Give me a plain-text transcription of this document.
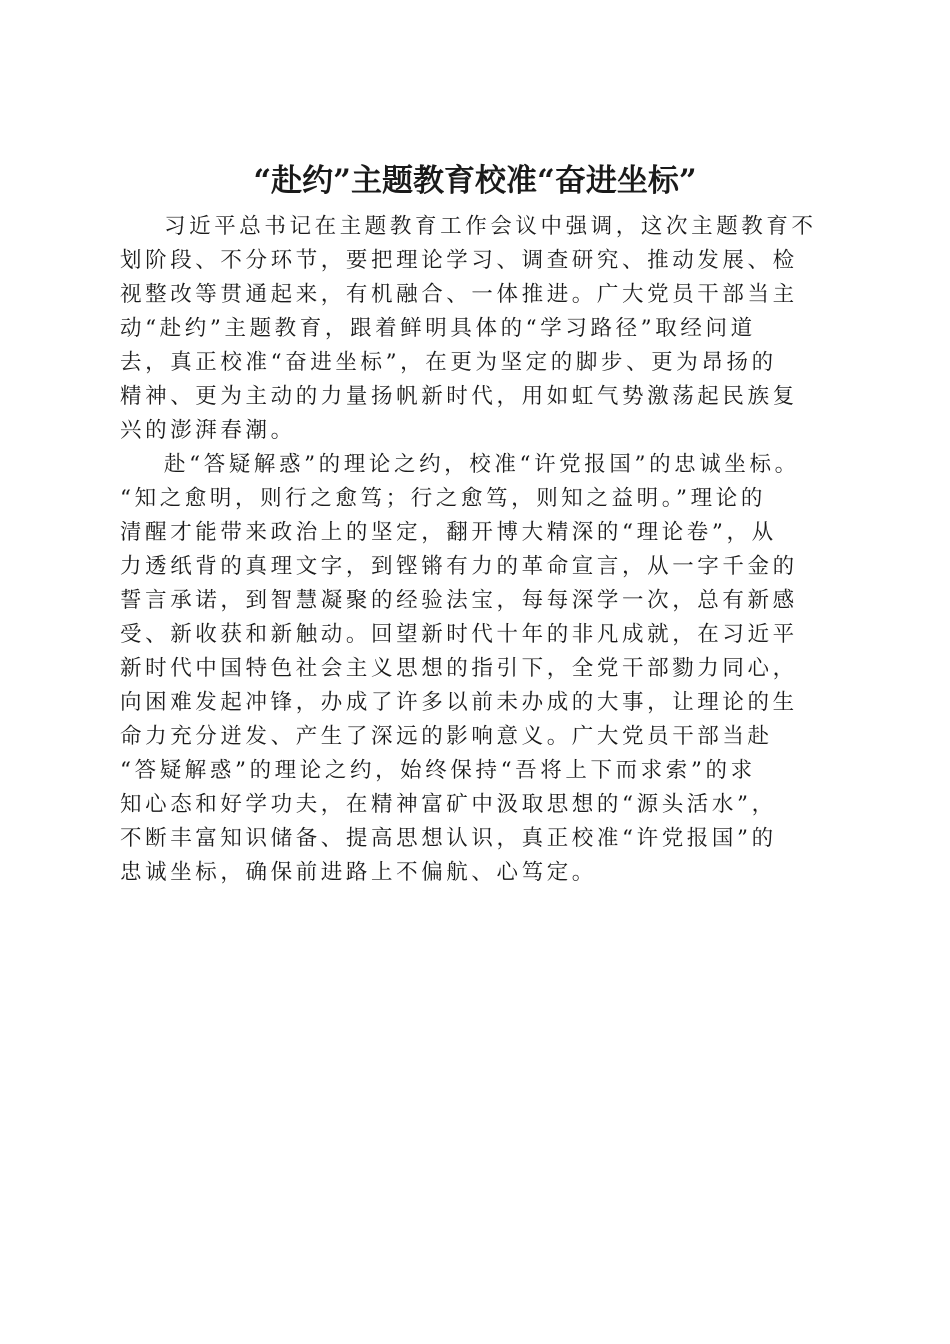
“赴约”主题教育校准“奋进坐标”

习近平总书记在主题教育工作会议中强调，这次主题教育不
划阶段、不分环节，要把理论学习、调查研究、推动发展、检
视整改等贯通起来，有机融合、一体推进。广大党员干部当主
动“赴约”主题教育，跟着鲜明具体的“学习路径”取经问道
去，真正校准“奋进坐标”，在更为坚定的脚步、更为昂扬的
精神、更为主动的力量扬帆新时代，用如虹气势激荡起民族复
兴的澎湃春潮。

赴“答疑解惑”的理论之约，校准“许党报国”的忠诚坐标。
“知之愈明，则行之愈笃；行之愈笃，则知之益明。”理论的
清醒才能带来政治上的坚定，翻开博大精深的“理论卷”，从
力透纸背的真理文字，到铿锵有力的革命宣言，从一字千金的
誓言承诺，到智慧凝聚的经验法宝，每每深学一次，总有新感
受、新收获和新触动。回望新时代十年的非凡成就，在习近平
新时代中国特色社会主义思想的指引下，全党干部勠力同心，
向困难发起冲锋，办成了许多以前未办成的大事，让理论的生
命力充分迸发、产生了深远的影响意义。广大党员干部当赴
“答疑解惑”的理论之约，始终保持“吾将上下而求索”的求
知心态和好学功夫，在精神富矿中汲取思想的“源头活水”，
不断丰富知识储备、提高思想认识，真正校准“许党报国”的
忠诚坐标，确保前进路上不偏航、心笃定。
